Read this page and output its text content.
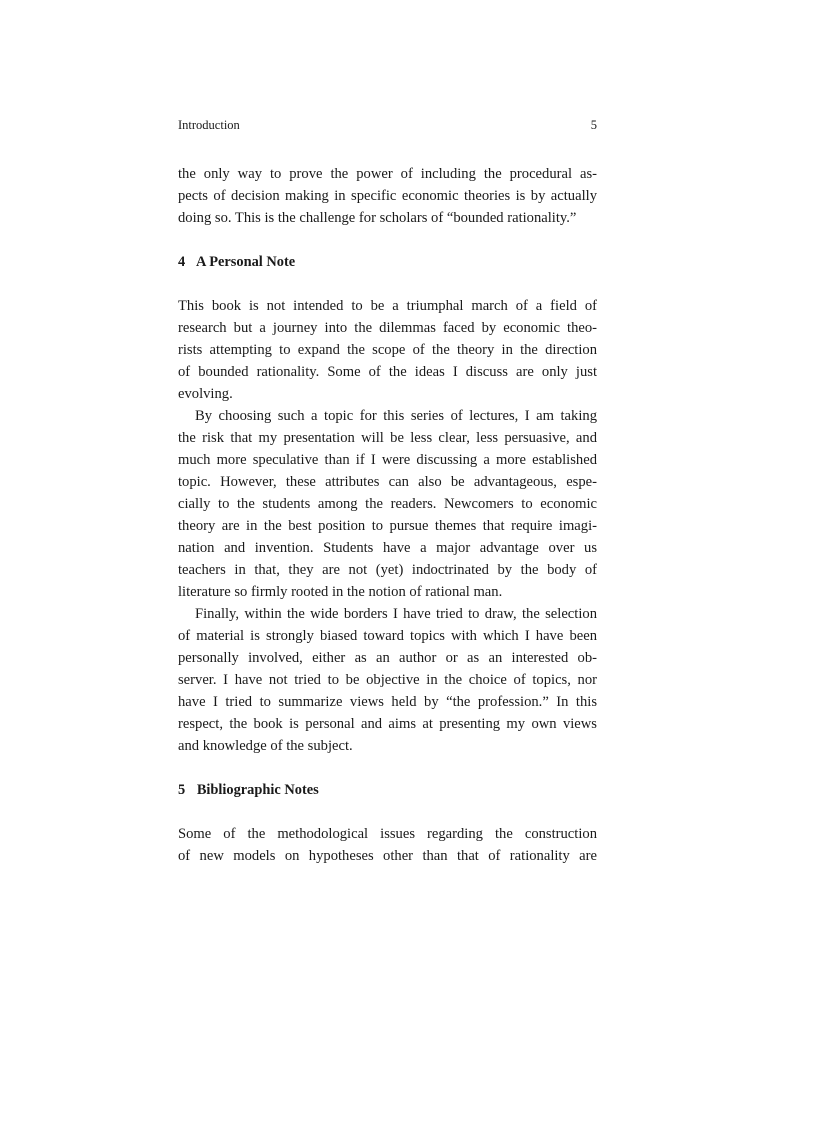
Introduction	5

the only way to prove the power of including the procedural as-
pects of decision making in specific economic theories is by actually
doing so. This is the challenge for scholars of “bounded rationality.”

4 A Personal Note

This book is not intended to be a triumphal march of a field of
research but a journey into the dilemmas faced by economic theo-
rists attempting to expand the scope of the theory in the direction
of bounded rationality. Some of the ideas I discuss are only just
evolving.

By choosing such a topic for this series of lectures, I am taking
the risk that my presentation will be less clear, less persuasive, and
much more speculative than if I were discussing a more established
topic. However, these attributes can also be advantageous, espe-
cially to the students among the readers. Newcomers to economic
theory are in the best position to pursue themes that require imagi-
nation and invention. Students have a major advantage over us
teachers in that, they are not (yet) indoctrinated by the body of
literature so firmly rooted in the notion of rational man.

Finally, within the wide borders I have tried to draw, the selection
of material is strongly biased toward topics with which I have been
personally involved, either as an author or as an interested ob-
server. I have not tried to be objective in the choice of topics, nor
have I tried to summarize views held by “the profession.” In this
respect, the book is personal and aims at presenting my own views
and knowledge of the subject.

5 Bibliographic Notes

Some of the methodological issues regarding the construction
of new models on hypotheses other than that of rationality are
